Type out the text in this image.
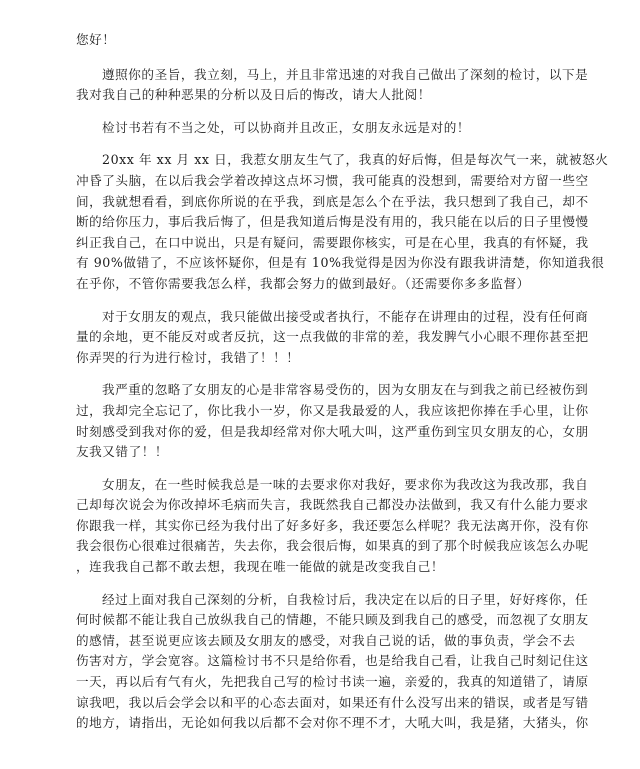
您好！

遵照你的圣旨，我立刻，马上，并且非常迅速的对我自己做出了深刻的检讨，以下是
我对我自己的种种恶果的分析以及日后的悔改，请大人批阅！

检讨书若有不当之处，可以协商并且改正，女朋友永远是对的！

20xx 年 xx 月 xx 日，我惹女朋友生气了，我真的好后悔，但是每次气一来，就被怒火
冲昏了头脑，在以后我会学着改掉这点坏习惯，我可能真的没想到，需要给对方留一些空
间，我就想看看，到底你所说的在乎我，到底是怎么个在乎法，我只想到了我自己，却不
断的给你压力，事后我后悔了，但是我知道后悔是没有用的，我只能在以后的日子里慢慢
纠正我自己，在口中说出，只是有疑问，需要跟你核实，可是在心里，我真的有怀疑，我
有 90%做错了，不应该怀疑你，但是有 10%我觉得是因为你没有跟我讲清楚，你知道我很
在乎你，不管你需要我怎么样，我都会努力的做到最好。（还需要你多多监督）

对于女朋友的观点，我只能做出接受或者执行，不能存在讲理由的过程，没有任何商
量的余地，更不能反对或者反抗，这一点我做的非常的差，我发脾气小心眼不理你甚至把
你弄哭的行为进行检讨，我错了！！！

我严重的忽略了女朋友的心是非常容易受伤的，因为女朋友在与到我之前已经被伤到
过，我却完全忘记了，你比我小一岁，你又是我最爱的人，我应该把你捧在手心里，让你
时刻感受到我对你的爱，但是我却经常对你大吼大叫，这严重伤到宝贝女朋友的心，女朋
友我又错了！！

女朋友，在一些时候我总是一味的去要求你对我好，要求你为我改这为我改那，我自
己却每次说会为你改掉坏毛病而失言，我既然我自己都没办法做到，我又有什么能力要求
你跟我一样，其实你已经为我付出了好多好多，我还要怎么样呢？我无法离开你，没有你
我会很伤心很难过很痛苦，失去你，我会很后悔，如果真的到了那个时候我应该怎么办呢
，连我我自己都不敢去想，我现在唯一能做的就是改变我自己！

经过上面对我自己深刻的分析，自我检讨后，我决定在以后的日子里，好好疼你，任
何时候都不能让我自己放纵我自己的情趣，不能只顾及到我自己的感受，而忽视了女朋友
的感情，甚至说更应该去顾及女朋友的感受，对我自己说的话，做的事负责，学会不去
伤害对方，学会宽容。这篇检讨书不只是给你看，也是给我自己看，让我自己时刻记住这
一天，再以后有气有火，先把我自己写的检讨书读一遍，亲爱的，我真的知道错了，请原
谅我吧，我以后会学会以和平的心态去面对，如果还有什么没写出来的错误，或者是写错
的地方，请指出，无论如何我以后都不会对你不理不才，大吼大叫，我是猪，大猪头，你
